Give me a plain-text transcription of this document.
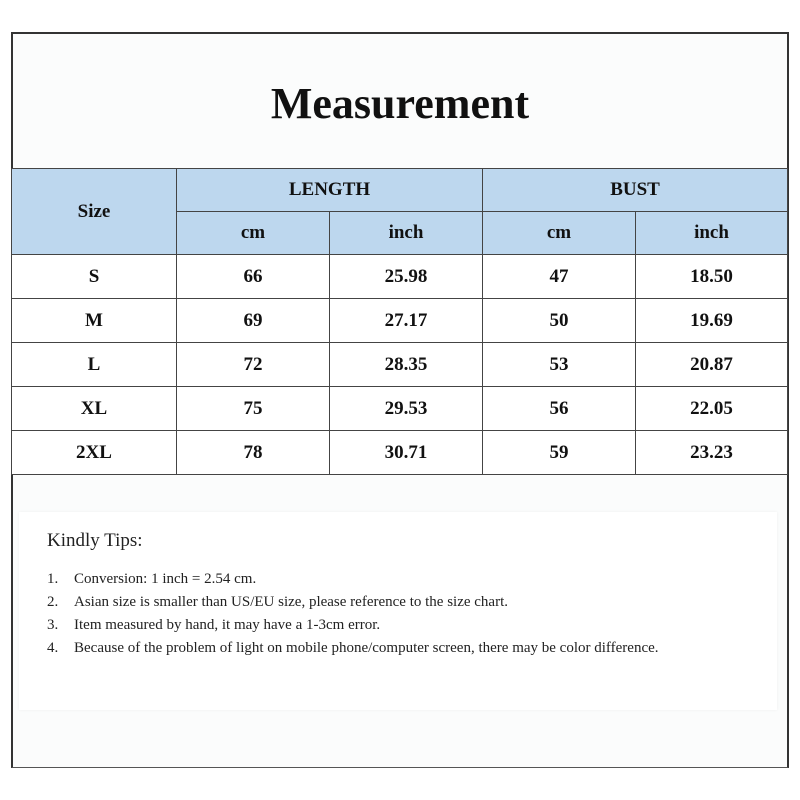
Measurement
Size	LENGTH		BUST	
	cm	inch	cm	inch
S	66	25.98	47	18.50
M	69	27.17	50	19.69
L	72	28.35	53	20.87
XL	75	29.53	56	22.05
2XL	78	30.71	59	23.23

Kindly Tips:

1.	Conversion: 1 inch = 2.54 cm.
2.	Asian size is smaller than US/EU size, please reference to the size chart.
3.	Item measured by hand, it may have a 1-3cm error.
4.	Because of the problem of light on mobile phone/computer screen, there may be color difference.
